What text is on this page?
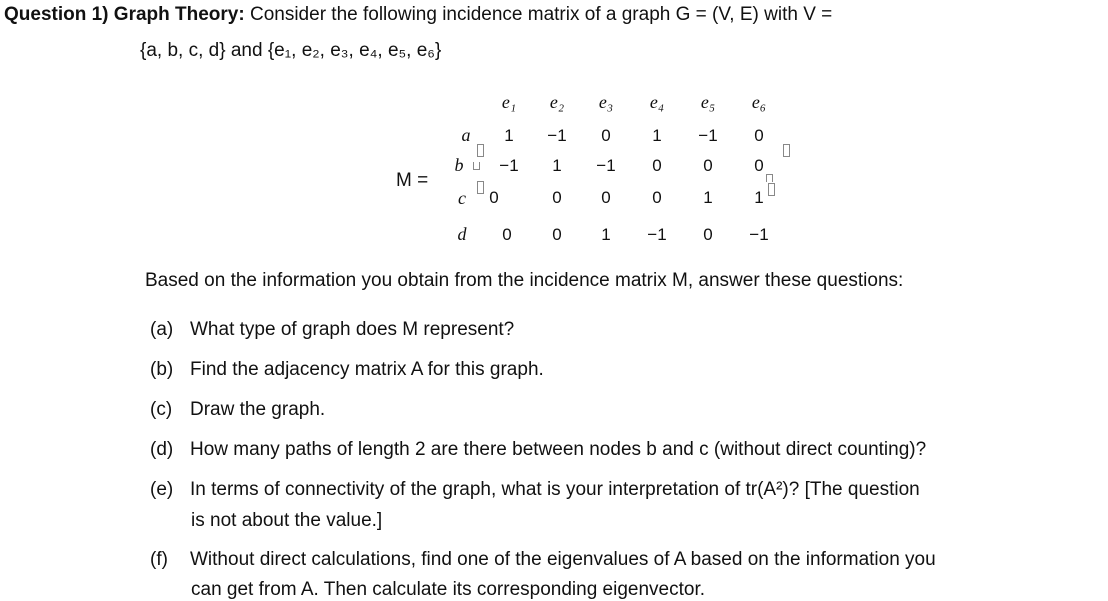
Question 1) Graph Theory: Consider the following incidence matrix of a graph G = (V, E) with V =
{a, b, c, d} and {e₁, e₂, e₃, e₄, e₅, e₆}
M =
e₁	e₂	e₃	e₄	e₅	e₆
a	1	−1	0	1	−1	0
b	−1	1	−1	0	0	0
c	0	0	0	0	1	1
d	0	0	1	−1	0	−1
Based on the information you obtain from the incidence matrix M, answer these questions:
(a) What type of graph does M represent?
(b) Find the adjacency matrix A for this graph.
(c) Draw the graph.
(d) How many paths of length 2 are there between nodes b and c (without direct counting)?
(e) In terms of connectivity of the graph, what is your interpretation of tr(A²)? [The question
is not about the value.]
(f) Without direct calculations, find one of the eigenvalues of A based on the information you
can get from A. Then calculate its corresponding eigenvector.
